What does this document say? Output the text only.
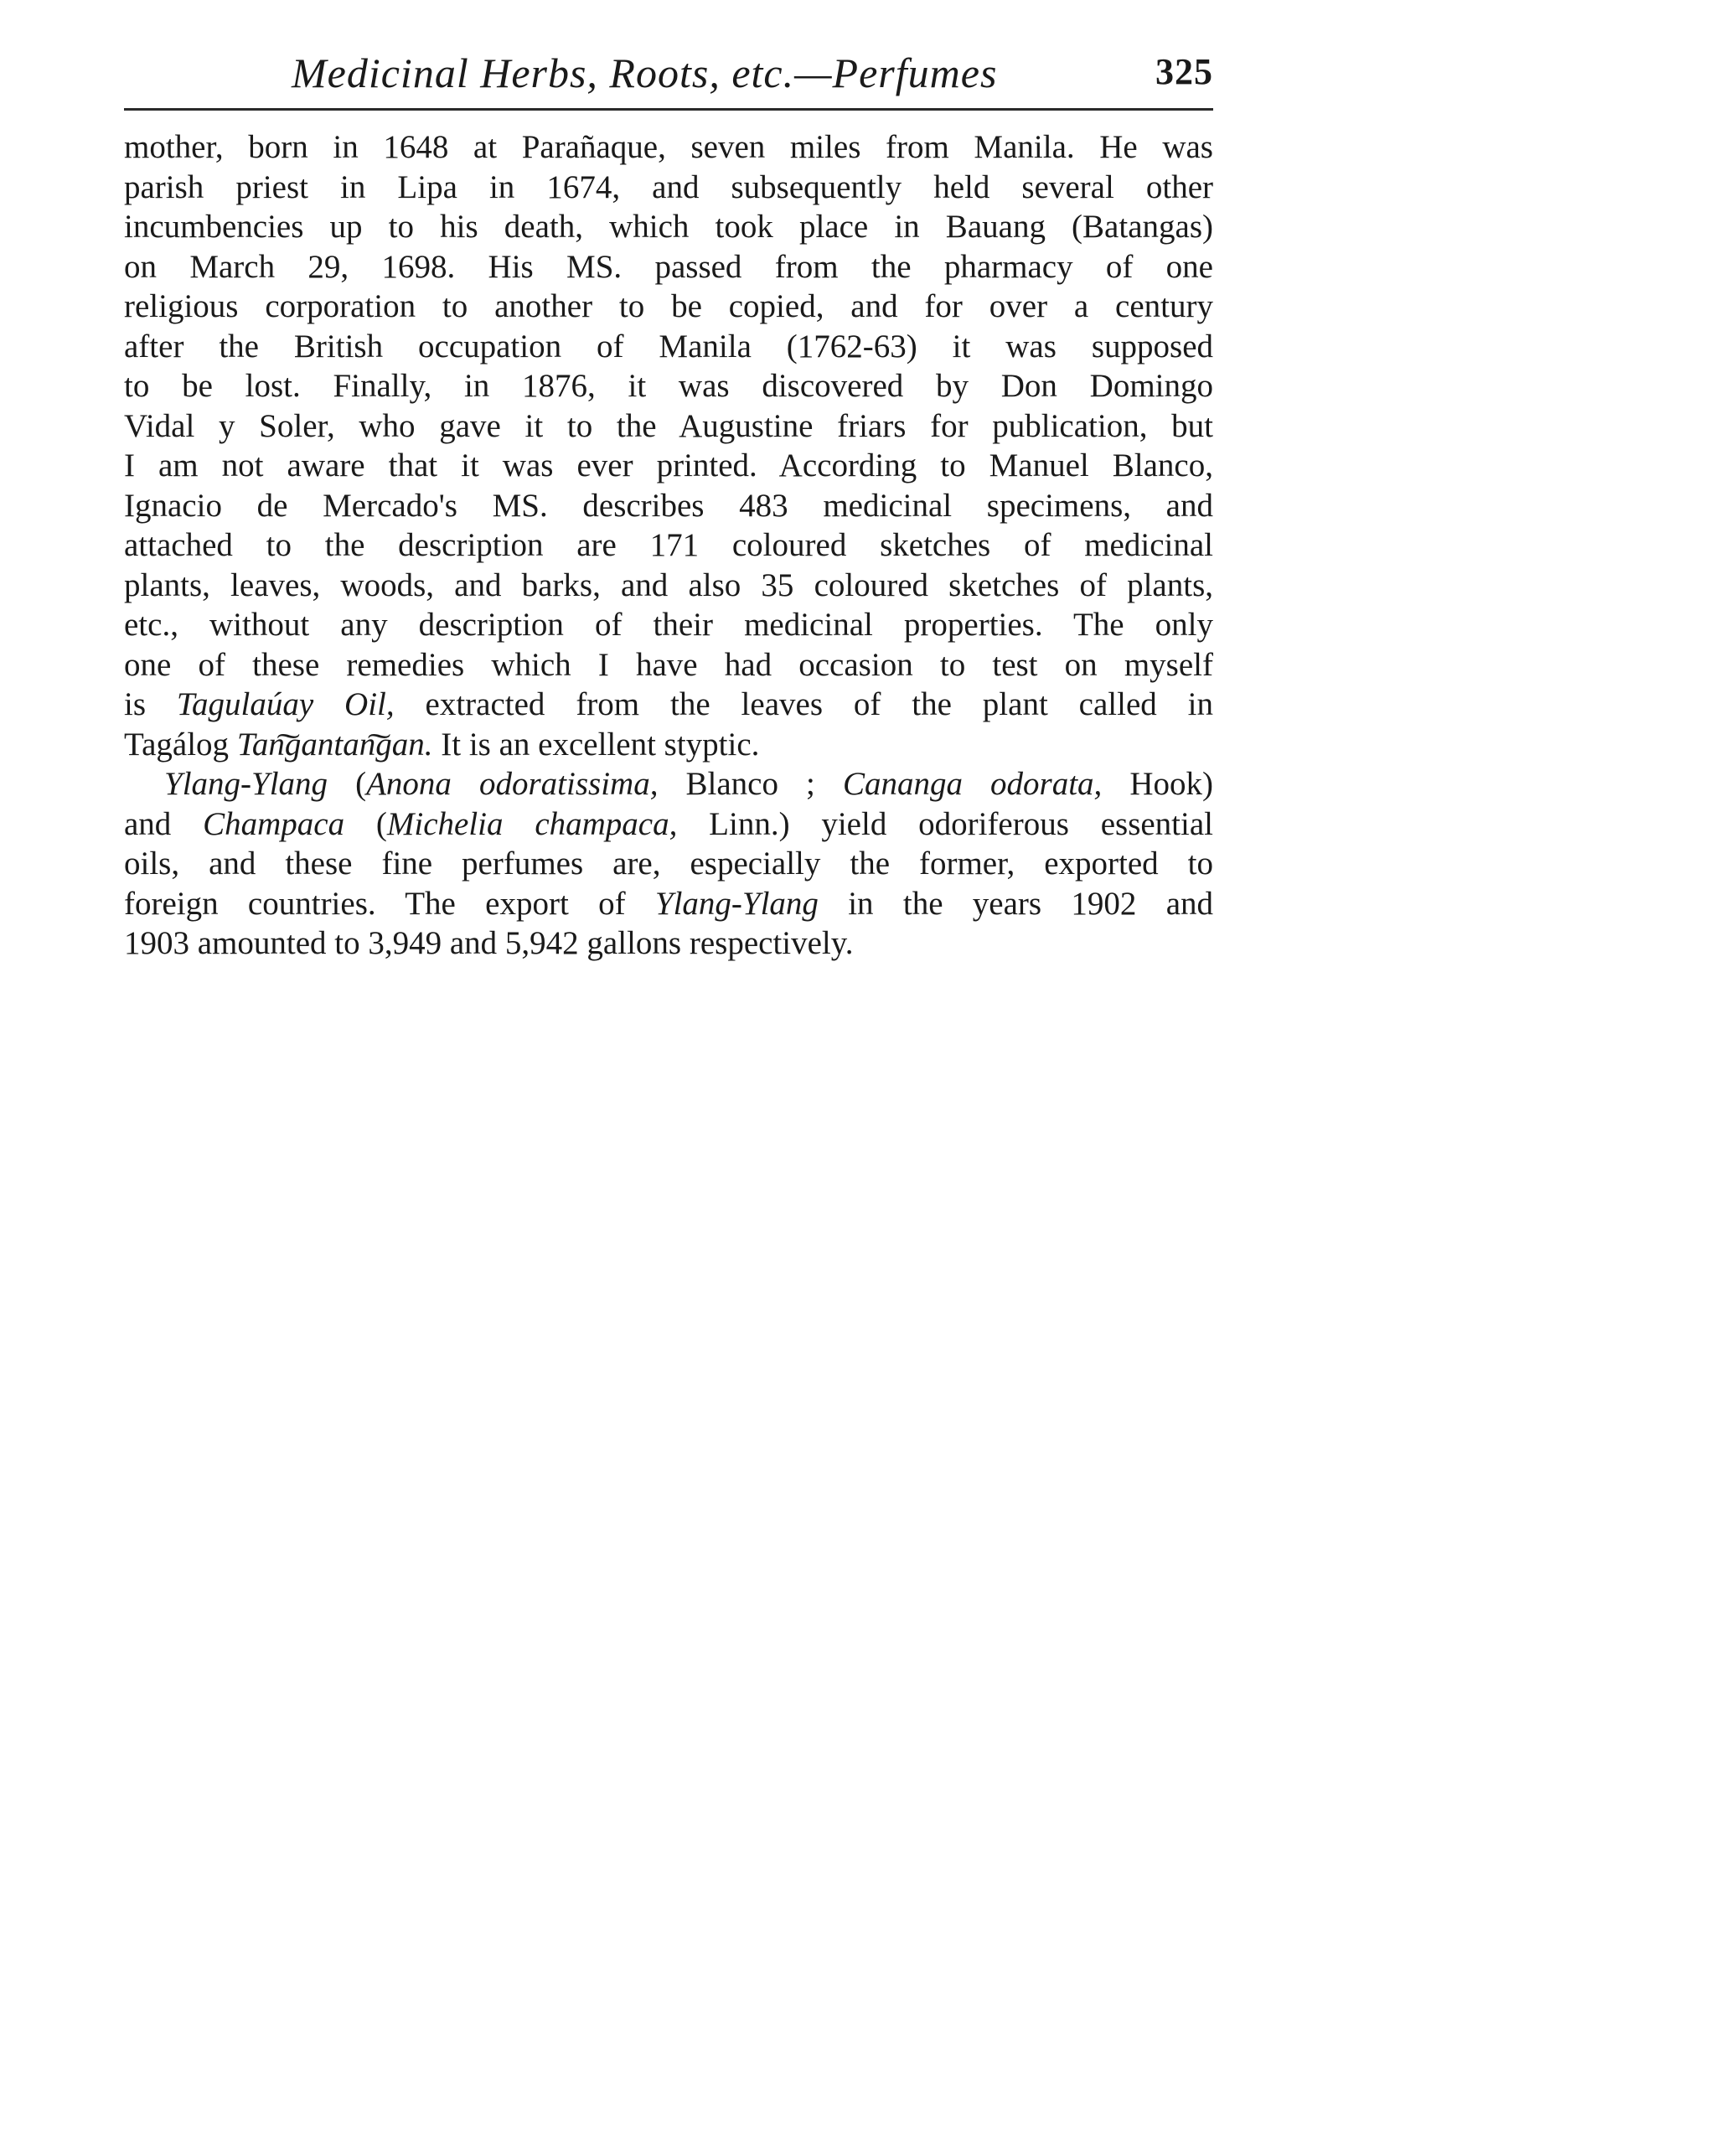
Medicinal Herbs, Roots, etc.—Perfumes	325
mother, born in 1648 at Parañaque, seven miles from Manila. He was
parish priest in Lipa in 1674, and subsequently held several other
incumbencies up to his death, which took place in Bauang (Batangas)
on March 29, 1698. His MS. passed from the pharmacy of one
religious corporation to another to be copied, and for over a century
after the British occupation of Manila (1762-63) it was supposed
to be lost. Finally, in 1876, it was discovered by Don Domingo
Vidal y Soler, who gave it to the Augustine friars for publication, but
I am not aware that it was ever printed. According to Manuel Blanco,
Ignacio de Mercado's MS. describes 483 medicinal specimens, and
attached to the description are 171 coloured sketches of medicinal
plants, leaves, woods, and barks, and also 35 coloured sketches of plants,
etc., without any description of their medicinal properties. The only
one of these remedies which I have had occasion to test on myself
is Tagulaúay Oil, extracted from the leaves of the plant called in
Tagálog Tan͠gantan͠gan. It is an excellent styptic.
Ylang-Ylang (Anona odoratissima, Blanco ; Cananga odorata, Hook)
and Champaca (Michelia champaca, Linn.) yield odoriferous essential
oils, and these fine perfumes are, especially the former, exported to
foreign countries. The export of Ylang-Ylang in the years 1902 and
1903 amounted to 3,949 and 5,942 gallons respectively.
